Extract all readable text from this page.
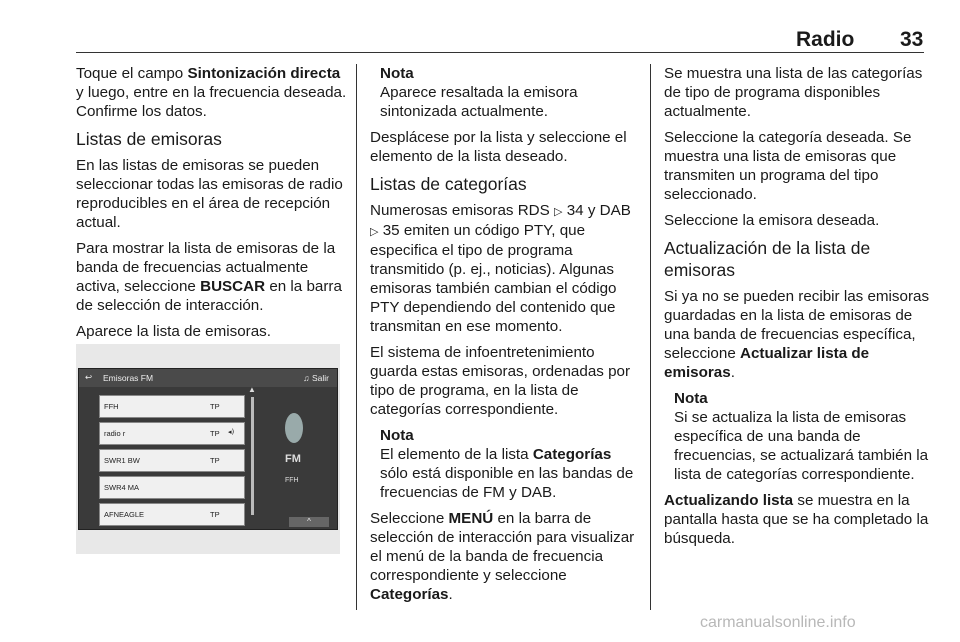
Radio 33

Toque el campo Sintonización directa y luego, entre en la frecuencia deseada. Confirme los datos.

Listas de emisoras

En las listas de emisoras se pueden seleccionar todas las emisoras de radio reproducibles en el área de recepción actual.

Para mostrar la lista de emisoras de la banda de frecuencias actualmente activa, seleccione BUSCAR en la barra de selección de interacción.

Aparece la lista de emisoras.

↩ Emisoras FM	♫ Salir
▲
FFH	TP
radio r	TP ◂)
SWR1 BW	TP
SWR4 MA
AFNEAGLE	TP
FM
FFH
^
Nota
Aparece resaltada la emisora sintonizada actualmente.

Desplácese por la lista y seleccione el elemento de la lista deseado.

Listas de categorías

Numerosas emisoras RDS ▷ 34 y DAB ▷ 35 emiten un código PTY, que especifica el tipo de programa transmitido (p. ej., noticias). Algunas emisoras también cambian el código PTY dependiendo del contenido que transmitan en ese momento.

El sistema de infoentretenimiento guarda estas emisoras, ordenadas por tipo de programa, en la lista de categorías correspondiente.

Nota
El elemento de la lista Categorías sólo está disponible en las bandas de frecuencias de FM y DAB.

Seleccione MENÚ en la barra de selección de interacción para visualizar el menú de la banda de frecuencia correspondiente y seleccione Categorías.

Se muestra una lista de las categorías de tipo de programa disponibles actualmente.

Seleccione la categoría deseada. Se muestra una lista de emisoras que transmiten un programa del tipo seleccionado.

Seleccione la emisora deseada.

Actualización de la lista de emisoras

Si ya no se pueden recibir las emisoras guardadas en la lista de emisoras de una banda de frecuencias específica, seleccione Actualizar lista de emisoras.

Nota
Si se actualiza la lista de emisoras específica de una banda de frecuencias, se actualizará también la lista de categorías correspondiente.

Actualizando lista se muestra en la pantalla hasta que se ha completado la búsqueda.

carmanualsonline.info
